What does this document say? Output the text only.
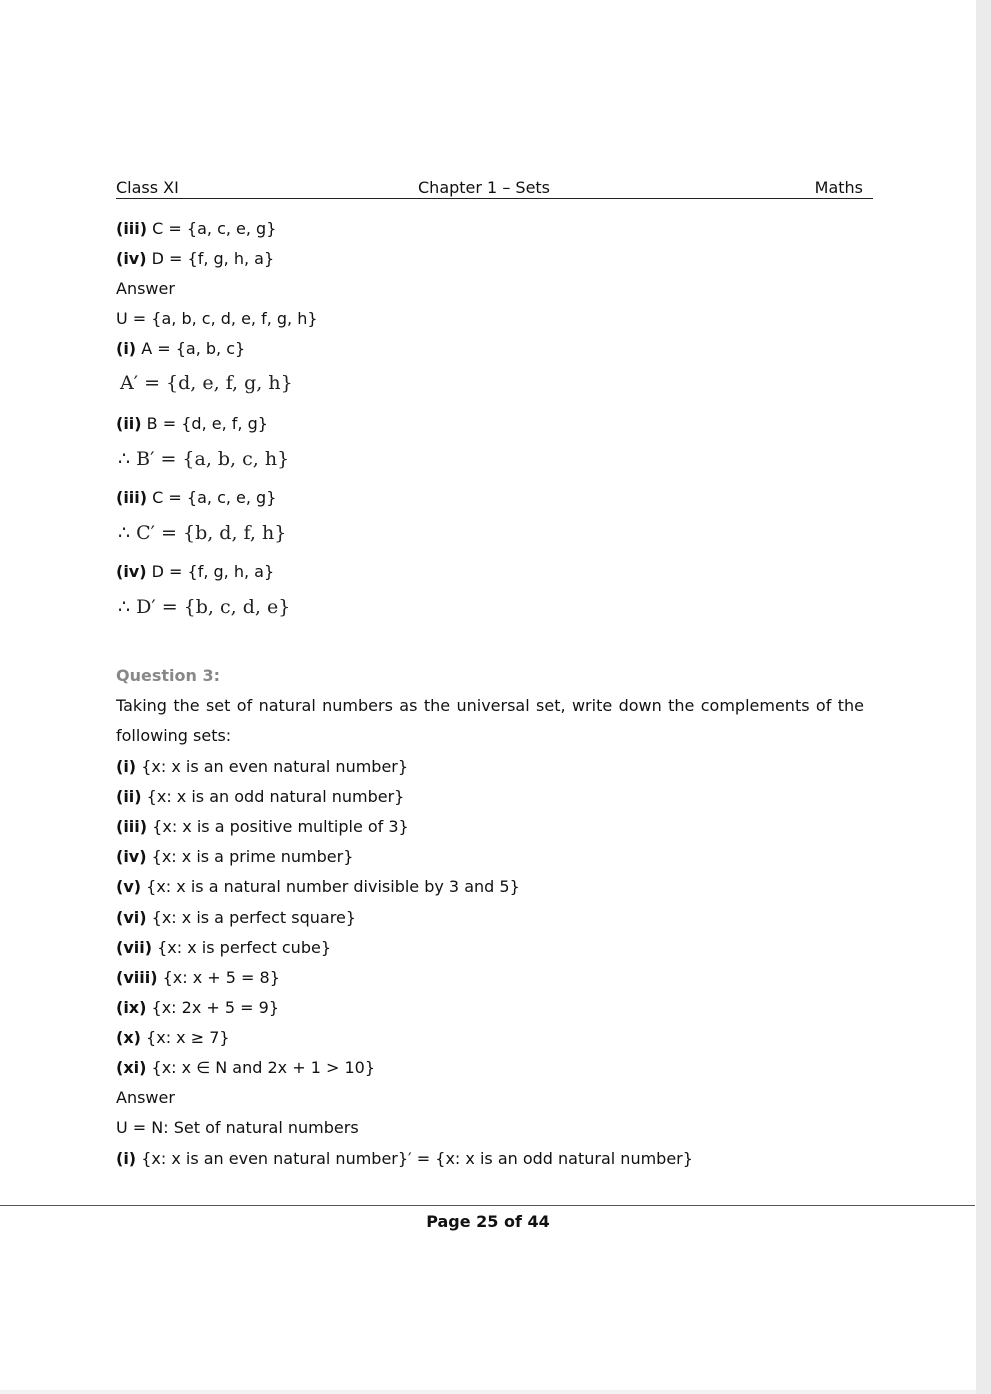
Class XI	Chapter 1 – Sets	Maths
(iii) C = {a, c, e, g}
(iv) D = {f, g, h, a}
Answer
U = {a, b, c, d, e, f, g, h}
(i) A = {a, b, c}
A′ = {d, e, f, g, h}
(ii) B = {d, e, f, g}
∴ B′ = {a, b, c, h}
(iii) C = {a, c, e, g}
∴ C′ = {b, d, f, h}
(iv) D = {f, g, h, a}
∴ D′ = {b, c, d, e}
Question 3:
Taking the set of natural numbers as the universal set, write down the complements of the following sets:
(i) {x: x is an even natural number}
(ii) {x: x is an odd natural number}
(iii) {x: x is a positive multiple of 3}
(iv) {x: x is a prime number}
(v) {x: x is a natural number divisible by 3 and 5}
(vi) {x: x is a perfect square}
(vii) {x: x is perfect cube}
(viii) {x: x + 5 = 8}
(ix) {x: 2x + 5 = 9}
(x) {x: x ≥ 7}
(xi) {x: x ∈ N and 2x + 1 > 10}
Answer
U = N: Set of natural numbers
(i) {x: x is an even natural number}′ = {x: x is an odd natural number}
Page 25 of 44
